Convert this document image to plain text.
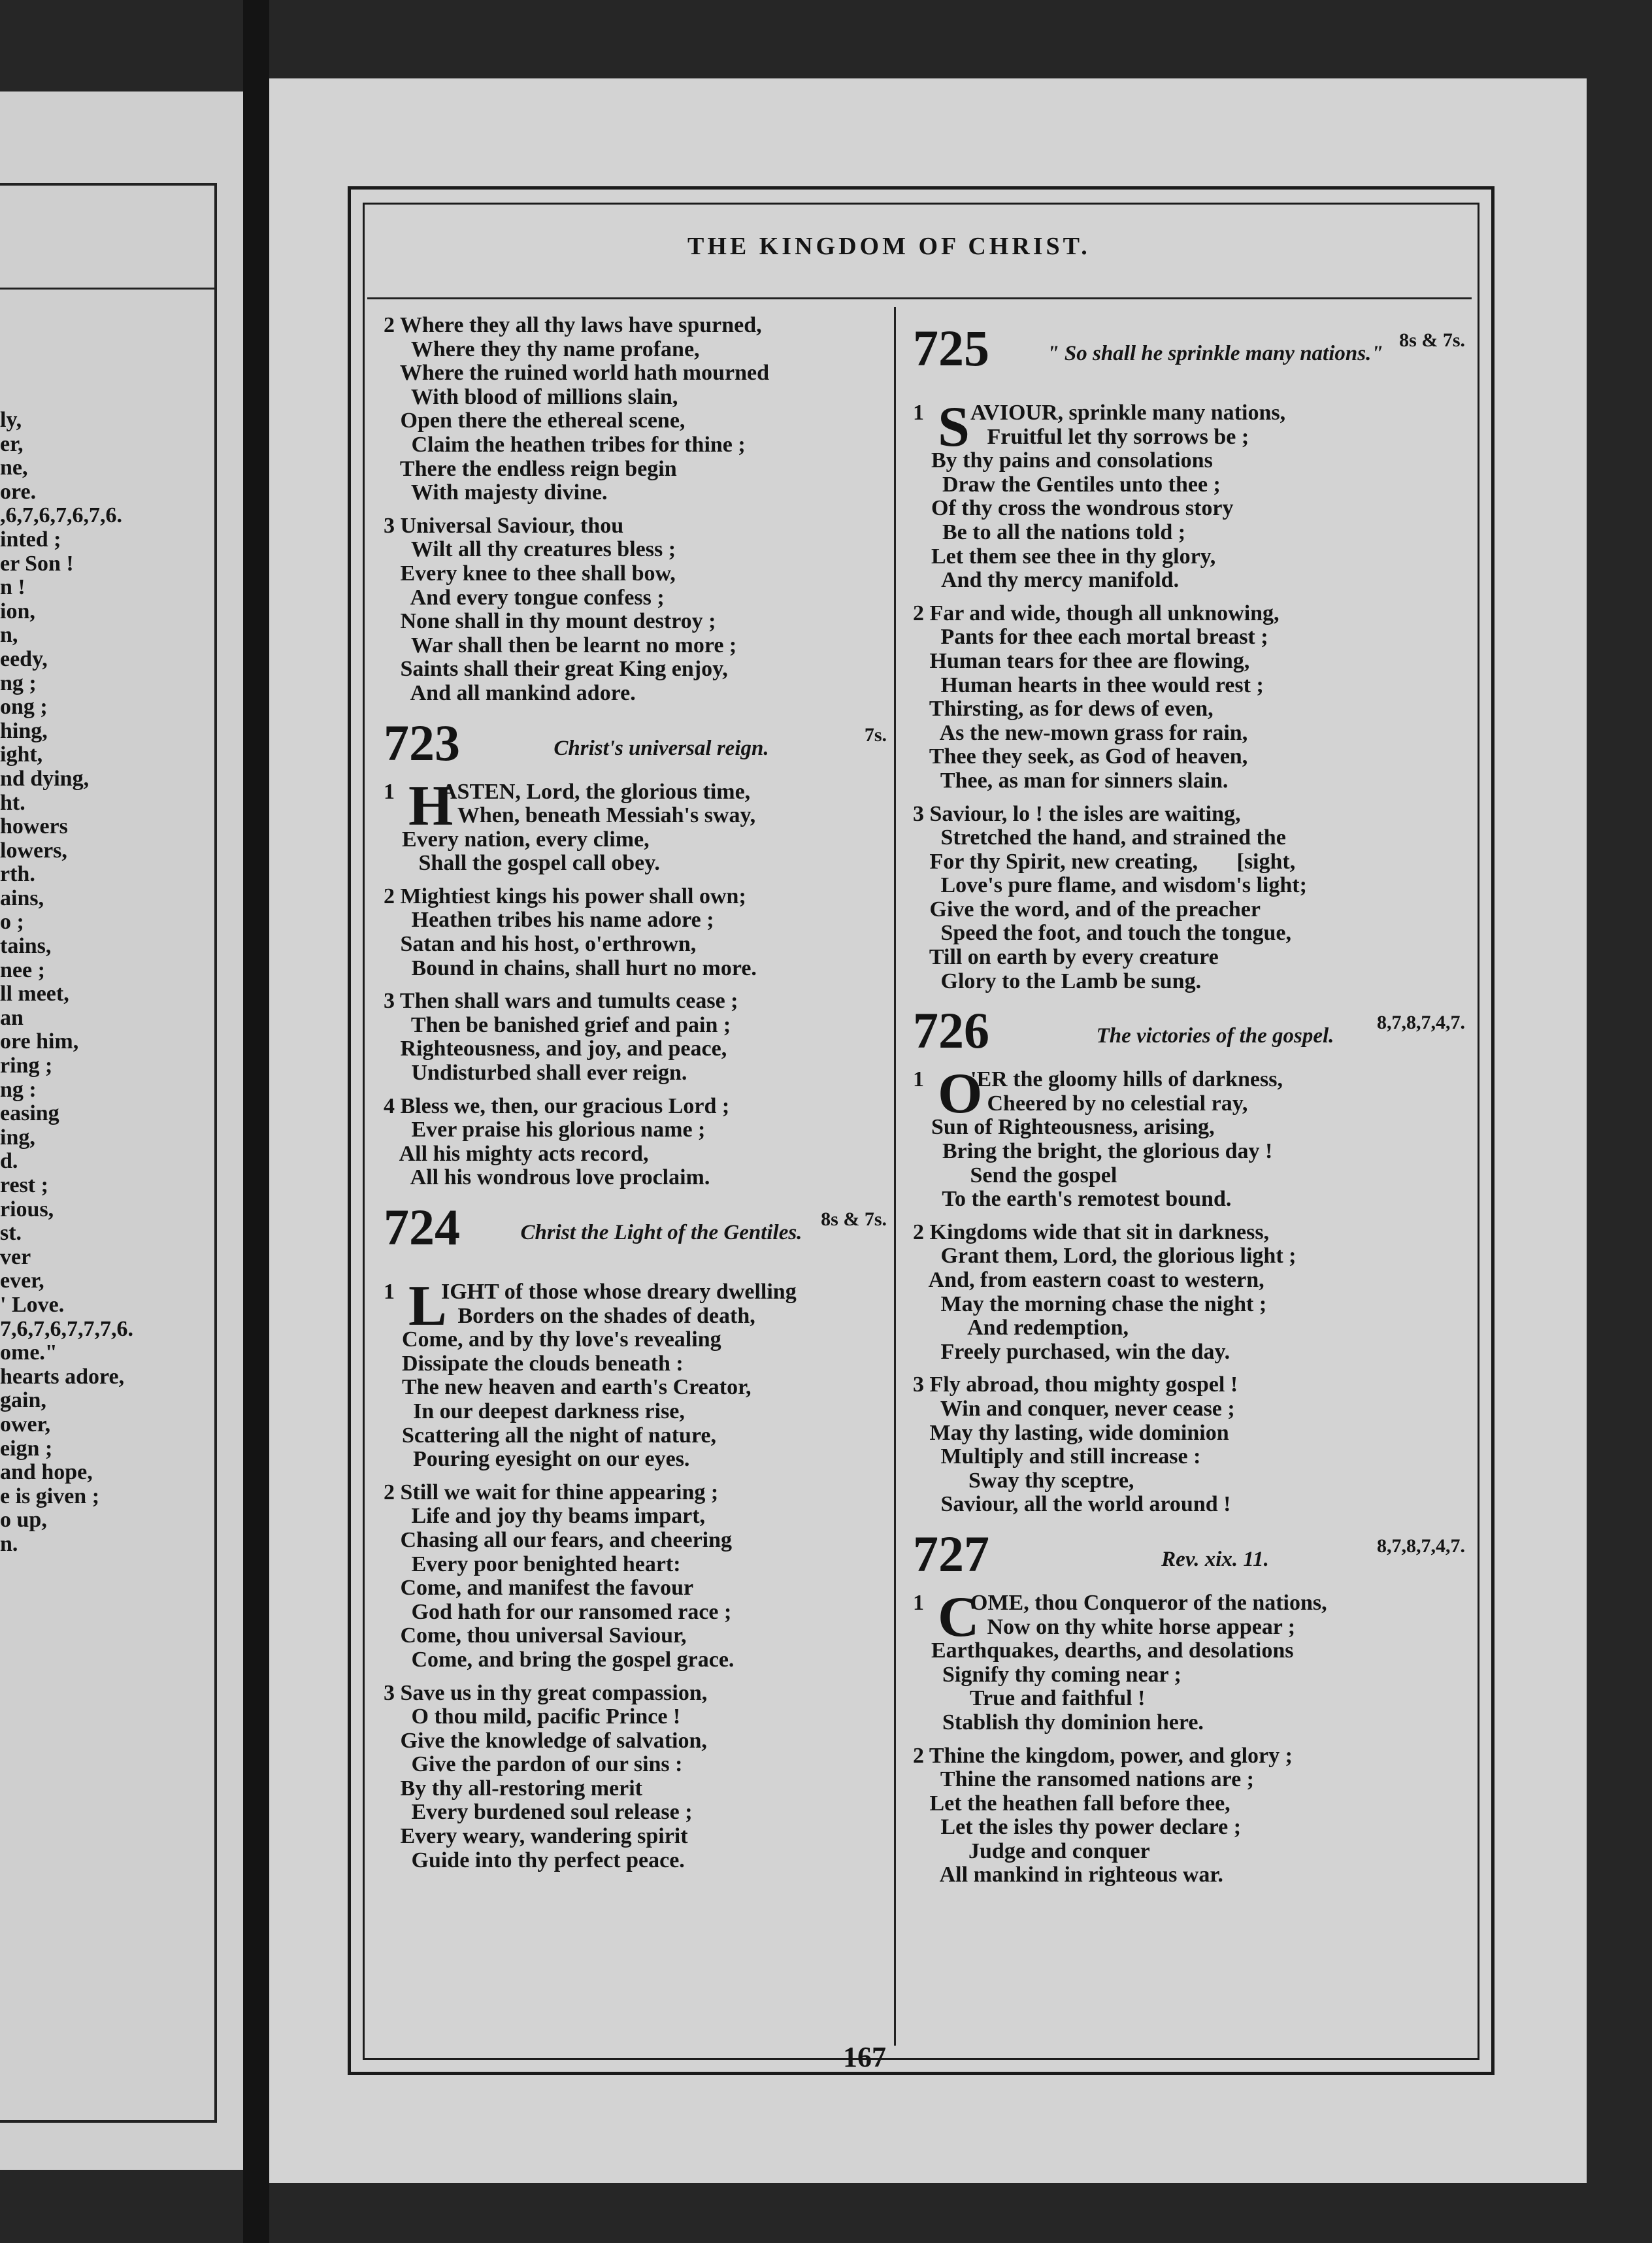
ly,
er,
ne,
ore.
,6,7,6,7,6,7,6.
inted ;
er Son !
n !
ion,
n,
eedy,
ng ;
ong ;
hing,
ight,
nd dying,
ht.
howers
lowers,
rth.
ains,
o ;
tains,
nee ;
ll meet,
an
ore him,
ring ;
ng :
easing
ing,
d.
rest ;
rious,
st.
ver
ever,
' Love.
7,6,7,6,7,7,7,6.
ome."
hearts adore,
gain,
ower,
eign ;
and hope,
e is given ;
o up,
n.
THE KINGDOM OF CHRIST.
2 Where they all thy laws have spurned,
Where they thy name profane,
Where the ruined world hath mourned
With blood of millions slain,
Open there the ethereal scene,
Claim the heathen tribes for thine ;
There the endless reign begin
With majesty divine.
3 Universal Saviour, thou
Wilt all thy creatures bless ;
Every knee to thee shall bow,
And every tongue confess ;
None shall in thy mount destroy ;
War shall then be learnt no more ;
Saints shall their great King enjoy,
And all mankind adore.
723	Christ's universal reign.
7s.
1 H
ASTEN, Lord, the glorious time,
When, beneath Messiah's sway,
Every nation, every clime,
Shall the gospel call obey.
2 Mightiest kings his power shall own;
Heathen tribes his name adore ;
Satan and his host, o'erthrown,
Bound in chains, shall hurt no more.
3 Then shall wars and tumults cease ;
Then be banished grief and pain ;
Righteousness, and joy, and peace,
Undisturbed shall ever reign.
4 Bless we, then, our gracious Lord ;
Ever praise his glorious name ;
All his mighty acts record,
All his wondrous love proclaim.
724	Christ the Light of the Gentiles.
8s & 7s.
1 L
IGHT of those whose dreary dwelling
Borders on the shades of death,
Come, and by thy love's revealing
Dissipate the clouds beneath :
The new heaven and earth's Creator,
In our deepest darkness rise,
Scattering all the night of nature,
Pouring eyesight on our eyes.
2 Still we wait for thine appearing ;
Life and joy thy beams impart,
Chasing all our fears, and cheering
Every poor benighted heart:
Come, and manifest the favour
God hath for our ransomed race ;
Come, thou universal Saviour,
Come, and bring the gospel grace.
3 Save us in thy great compassion,
O thou mild, pacific Prince !
Give the knowledge of salvation,
Give the pardon of our sins :
By thy all-restoring merit
Every burdened soul release ;
Every weary, wandering spirit
Guide into thy perfect peace.
725	" So shall he sprinkle many nations."
8s & 7s.
1 S AVIOUR, sprinkle many nations,
Fruitful let thy sorrows be ;
By thy pains and consolations
Draw the Gentiles unto thee ;
Of thy cross the wondrous story
Be to all the nations told ;
Let them see thee in thy glory,
And thy mercy manifold.
2 Far and wide, though all unknowing,
Pants for thee each mortal breast ;
Human tears for thee are flowing,
Human hearts in thee would rest ;
Thirsting, as for dews of even,
As the new-mown grass for rain,
Thee they seek, as God of heaven,
Thee, as man for sinners slain.
3 Saviour, lo ! the isles are waiting,
Stretched the hand, and strained the
For thy Spirit, new creating,       [sight,
Love's pure flame, and wisdom's light;
Give the word, and of the preacher
Speed the foot, and touch the tongue,
Till on earth by every creature
Glory to the Lamb be sung.
726	The victories of the gospel.
8,7,8,7,4,7.
1 O
'ER the gloomy hills of darkness,
Cheered by no celestial ray,
Sun of Righteousness, arising,
Bring the bright, the glorious day !
Send the gospel
To the earth's remotest bound.
2 Kingdoms wide that sit in darkness,
Grant them, Lord, the glorious light ;
And, from eastern coast to western,
May the morning chase the night ;
And redemption,
Freely purchased, win the day.
3 Fly abroad, thou mighty gospel !
Win and conquer, never cease ;
May thy lasting, wide dominion
Multiply and still increase :
Sway thy sceptre,
Saviour, all the world around !
727	Rev. xix. 11.
8,7,8,7,4,7.
1 C
OME, thou Conqueror of the nations,
Now on thy white horse appear ;
Earthquakes, dearths, and desolations
Signify thy coming near ;
True and faithful !
Stablish thy dominion here.
2 Thine the kingdom, power, and glory ;
Thine the ransomed nations are ;
Let the heathen fall before thee,
Let the isles thy power declare ;
Judge and conquer
All mankind in righteous war.
167
